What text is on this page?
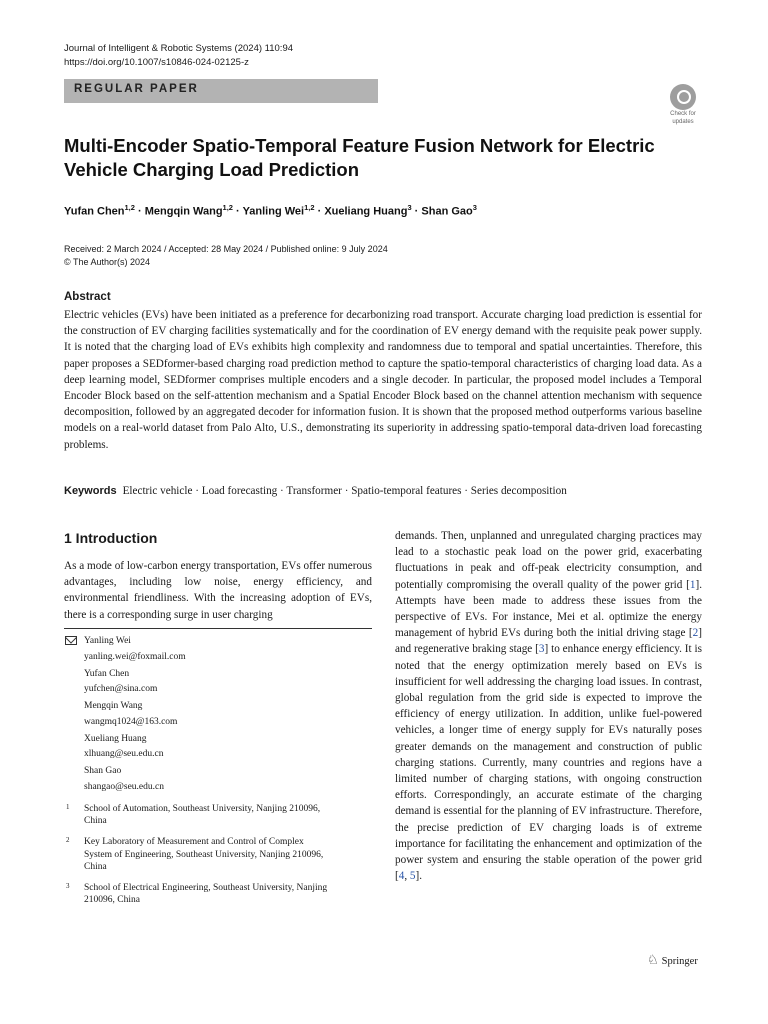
Journal of Intelligent & Robotic Systems (2024) 110:94
https://doi.org/10.1007/s10846-024-02125-z
REGULAR PAPER
Check for
updates
Multi-Encoder Spatio-Temporal Feature Fusion Network for Electric
Vehicle Charging Load Prediction
Yufan Chen$^{1,2}$ · Mengqin Wang$^{1,2}$ · Yanling Wei$^{1,2}$ · Xueliang Huang$^3$ · Shan Gao$^3$
Received: 2 March 2024 / Accepted: 28 May 2024 / Published online: 9 July 2024
© The Author(s) 2024
Abstract
Electric vehicles (EVs) have been initiated as a preference for decarbonizing road transport. Accurate charging load prediction is essential for the construction of EV charging facilities systematically and for the coordination of EV energy demand with the requisite peak power supply. It is noted that the charging load of EVs exhibits high complexity and randomness due to temporal and spatial uncertainties. Therefore, this paper proposes a SEDformer-based charging road prediction method to capture the spatio-temporal characteristics of charging load data. As a deep learning model, SEDformer comprises multiple encoders and a single decoder. In particular, the proposed model includes a Temporal Encoder Block based on the self-attention mechanism and a Spatial Encoder Block based on the channel attention mechanism with sequence decomposition, followed by an aggregated decoder for information fusion. It is shown that the proposed method outperforms various baseline models on a real-world dataset from Palo Alto, U.S., demonstrating its superiority in addressing spatio-temporal data-driven load forecasting problems.
Keywords Electric vehicle · Load forecasting · Transformer · Spatio-temporal features · Series decomposition
1 Introduction
As a mode of low-carbon energy transportation, EVs offer numerous advantages, including low noise, energy efficiency, and environmental friendliness. With the increasing adoption of EVs, there is a corresponding surge in user charging
demands. Then, unplanned and unregulated charging practices may lead to a stochastic peak load on the power grid, exacerbating fluctuations in peak and off-peak electricity consumption, and potentially compromising the overall quality of the power grid [1]. Attempts have been made to address these issues from the perspective of EVs. For instance, Mei et al. optimize the energy management of hybrid EVs during both the initial driving stage [2] and regenerative braking stage [3] to enhance energy efficiency. It is noted that the energy optimization merely based on EVs is insufficient for well addressing the charging load issues. In contrast, global regulation from the grid side is expected to improve the efficiency of energy utilization. In addition, unlike fuel-powered vehicles, a longer time of energy supply for EVs naturally poses greater demands on the management and construction of public charging stations. Currently, many countries and regions have a limited number of charging stations, with ongoing construction efforts. Correspondingly, an accurate estimate of the charging demand is essential for the planning of EV infrastructure. Therefore, the precise prediction of EV charging loads is of extreme importance for facilitating the enhancement and optimization of the power system and ensuring the stable operation of the power grid [4, 5].
Yanling Wei
yanling.wei@foxmail.com
Yufan Chen
yufchen@sina.com
Mengqin Wang
wangmq1024@163.com
Xueliang Huang
xlhuang@seu.edu.cn
Shan Gao
shangao@seu.edu.cn
1 School of Automation, Southeast University, Nanjing 210096, China
2 Key Laboratory of Measurement and Control of Complex System of Engineering, Southeast University, Nanjing 210096, China
3 School of Electrical Engineering, Southeast University, Nanjing 210096, China
♘ Springer
